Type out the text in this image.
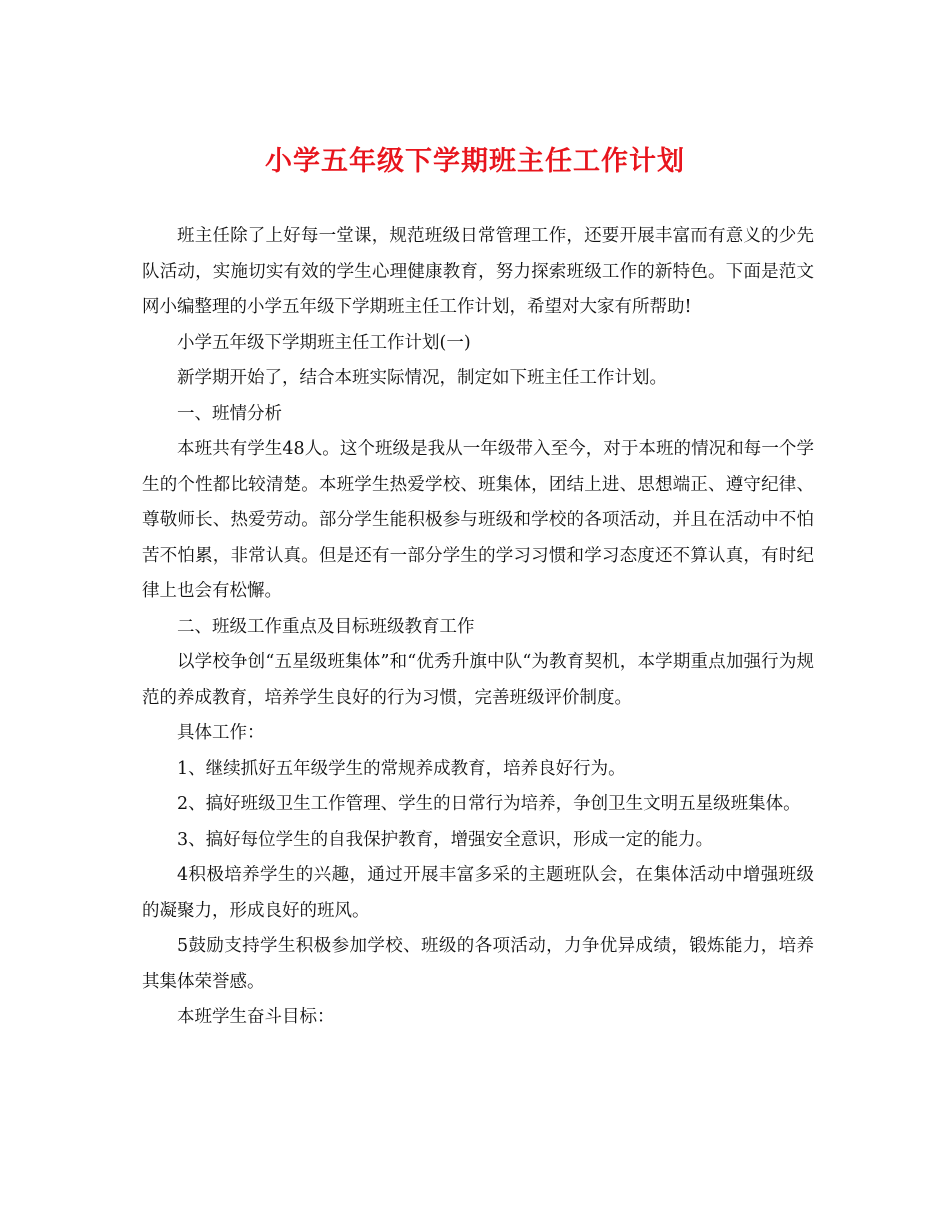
小学五年级下学期班主任工作计划

班主任除了上好每一堂课，规范班级日常管理工作，还要开展丰富而有意义的少先队活动，实施切实有效的学生心理健康教育，努力探索班级工作的新特色。下面是范文网小编整理的小学五年级下学期班主任工作计划，希望对大家有所帮助!

小学五年级下学期班主任工作计划(一)

新学期开始了，结合本班实际情况，制定如下班主任工作计划。

一、班情分析

本班共有学生48人。这个班级是我从一年级带入至今，对于本班的情况和每一个学生的个性都比较清楚。本班学生热爱学校、班集体，团结上进、思想端正、遵守纪律、尊敬师长、热爱劳动。部分学生能积极参与班级和学校的各项活动，并且在活动中不怕苦不怕累，非常认真。但是还有一部分学生的学习习惯和学习态度还不算认真，有时纪律上也会有松懈。

二、班级工作重点及目标班级教育工作

以学校争创“五星级班集体”和“优秀升旗中队“为教育契机，本学期重点加强行为规范的养成教育，培养学生良好的行为习惯，完善班级评价制度。

具体工作：

1、继续抓好五年级学生的常规养成教育，培养良好行为。

2、搞好班级卫生工作管理、学生的日常行为培养，争创卫生文明五星级班集体。

3、搞好每位学生的自我保护教育，增强安全意识，形成一定的能力。

4积极培养学生的兴趣，通过开展丰富多采的主题班队会，在集体活动中增强班级的凝聚力，形成良好的班风。

5鼓励支持学生积极参加学校、班级的各项活动，力争优异成绩，锻炼能力，培养其集体荣誉感。

本班学生奋斗目标：
